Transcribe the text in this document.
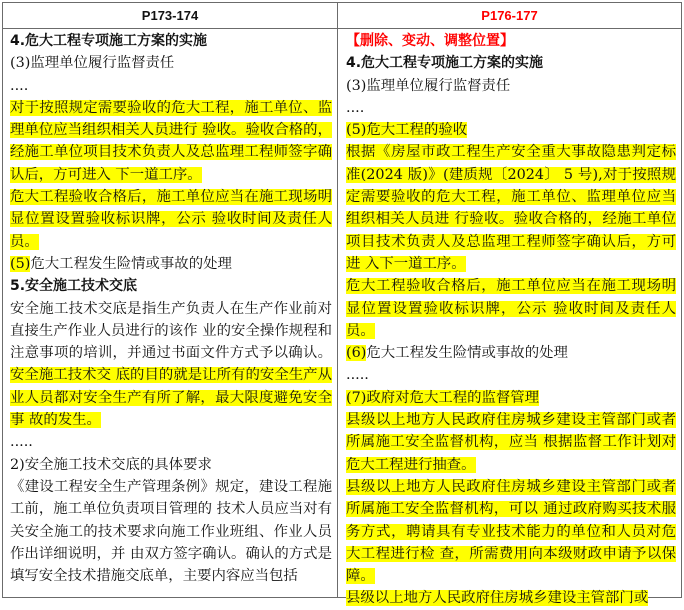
P173-174	P176-177

4.危大工程专项施工方案的实施

(3)监理单位履行监督责任

....

对于按照规定需要验收的危大工程，施工单位、监理单位应当组织相关人员进行 验收。验收合格的，经施工单位项目技术负责人及总监理工程师签字确认后，方可进入 下一道工序。

危大工程验收合格后，施工单位应当在施工现场明显位置设置验收标识牌，公示 验收时间及责任人员。

(5)危大工程发生险情或事故的处理

5.安全施工技术交底

安全施工技术交底是指生产负责人在生产作业前对直接生产作业人员进行的该作 业的安全操作规程和注意事项的培训，并通过书面文件方式予以确认。安全施工技术交 底的目的就是让所有的安全生产从业人员都对安全生产有所了解，最大限度避免安全事 故的发生。

.....

2)安全施工技术交底的具体要求

《建设工程安全生产管理条例》规定，建设工程施工前，施工单位负责项目管理的 技术人员应当对有关安全施工的技术要求向施工作业班组、作业人员作出详细说明，并 由双方签字确认。确认的方式是填写安全技术措施交底单，主要内容应当包括

【删除、变动、调整位置】

4.危大工程专项施工方案的实施

(3)监理单位履行监督责任

....

(5)危大工程的验收

根据《房屋市政工程生产安全重大事故隐患判定标准(2024 版)》(建质规〔2024〕 5 号),对于按照规定需要验收的危大工程，施工单位、监理单位应当组织相关人员进 行验收。验收合格的，经施工单位项目技术负责人及总监理工程师签字确认后，方可进 入下一道工序。

危大工程验收合格后，施工单位应当在施工现场明显位置设置验收标识牌，公示 验收时间及责任人员。

(6)危大工程发生险情或事故的处理

.....

(7)政府对危大工程的监督管理

县级以上地方人民政府住房城乡建设主管部门或者所属施工安全监督机构，应当 根据监督工作计划对危大工程进行抽查。

县级以上地方人民政府住房城乡建设主管部门或者所属施工安全监督机构，可以 通过政府购买技术服务方式，聘请具有专业技术能力的单位和人员对危大工程进行检 查，所需费用向本级财政申请予以保障。

县级以上地方人民政府住房城乡建设主管部门或
